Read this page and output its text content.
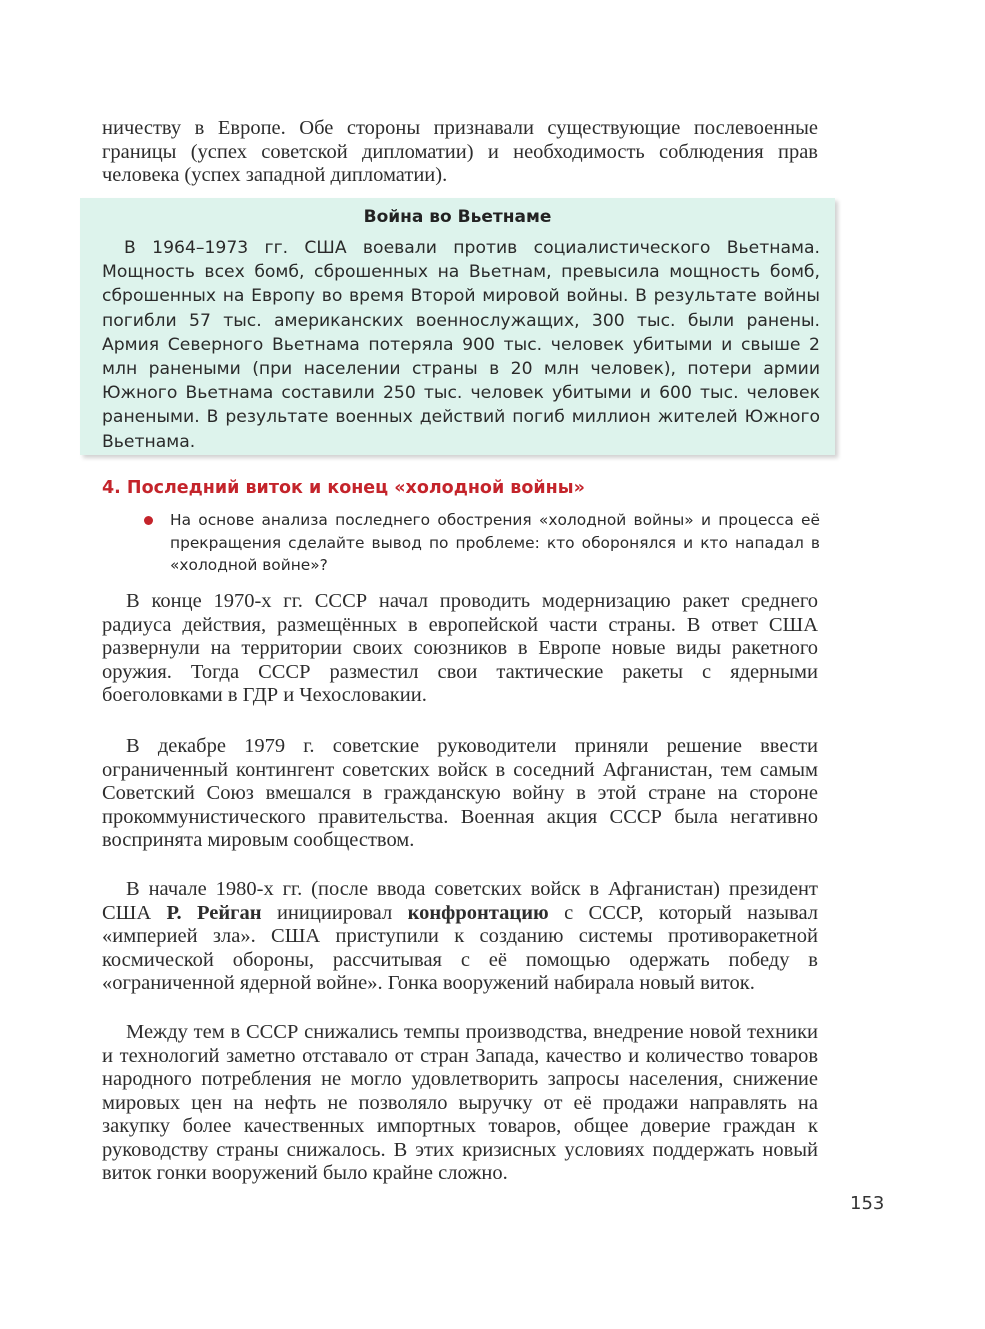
ничеству в Европе. Обе стороны признавали существующие послевоенные границы (успех советской дипломатии) и необходимость соблюдения прав человека (успех западной дипломатии).

Война во Вьетнаме

В 1964–1973 гг. США воевали против социалистического Вьетнама. Мощность всех бомб, сброшенных на Вьетнам, превысила мощность бомб, сброшенных на Европу во время Второй мировой войны. В результате войны погибли 57 тыс. американских военнослужащих, 300 тыс. были ранены. Армия Северного Вьетнама потеряла 900 тыс. человек убитыми и свыше 2 млн ранеными (при населении страны в 20 млн человек), потери армии Южного Вьетнама составили 250 тыс. человек убитыми и 600 тыс. человек ранеными. В результате военных действий погиб миллион жителей Южного Вьетнама.

4. Последний виток и конец «холодной войны»

На основе анализа последнего обострения «холодной войны» и процесса её прекращения сделайте вывод по проблеме: кто оборонялся и кто нападал в «холодной войне»?

В конце 1970-х гг. СССР начал проводить модернизацию ракет среднего радиуса действия, размещённых в европейской части страны. В ответ США развернули на территории своих союзников в Европе новые виды ракетного оружия. Тогда СССР разместил свои тактические ракеты с ядерными боеголовками в ГДР и Чехословакии.

В декабре 1979 г. советские руководители приняли решение ввести ограниченный контингент советских войск в соседний Афганистан, тем самым Советский Союз вмешался в гражданскую войну в этой стране на стороне прокоммунистического правительства. Военная акция СССР была негативно воспринята мировым сообществом.

В начале 1980-х гг. (после ввода советских войск в Афганистан) президент США Р. Рейган инициировал конфронтацию с СССР, который называл «империей зла». США приступили к созданию системы противоракетной космической обороны, рассчитывая с её помощью одержать победу в «ограниченной ядерной войне». Гонка вооружений набирала новый виток.

Между тем в СССР снижались темпы производства, внедрение новой техники и технологий заметно отставало от стран Запада, качество и количество товаров народного потребления не могло удовлетворить запросы населения, снижение мировых цен на нефть не позволяло выручку от её продажи направлять на закупку более качественных импортных товаров, общее доверие граждан к руководству страны снижалось. В этих кризисных условиях поддержать новый виток гонки вооружений было крайне сложно.

153
